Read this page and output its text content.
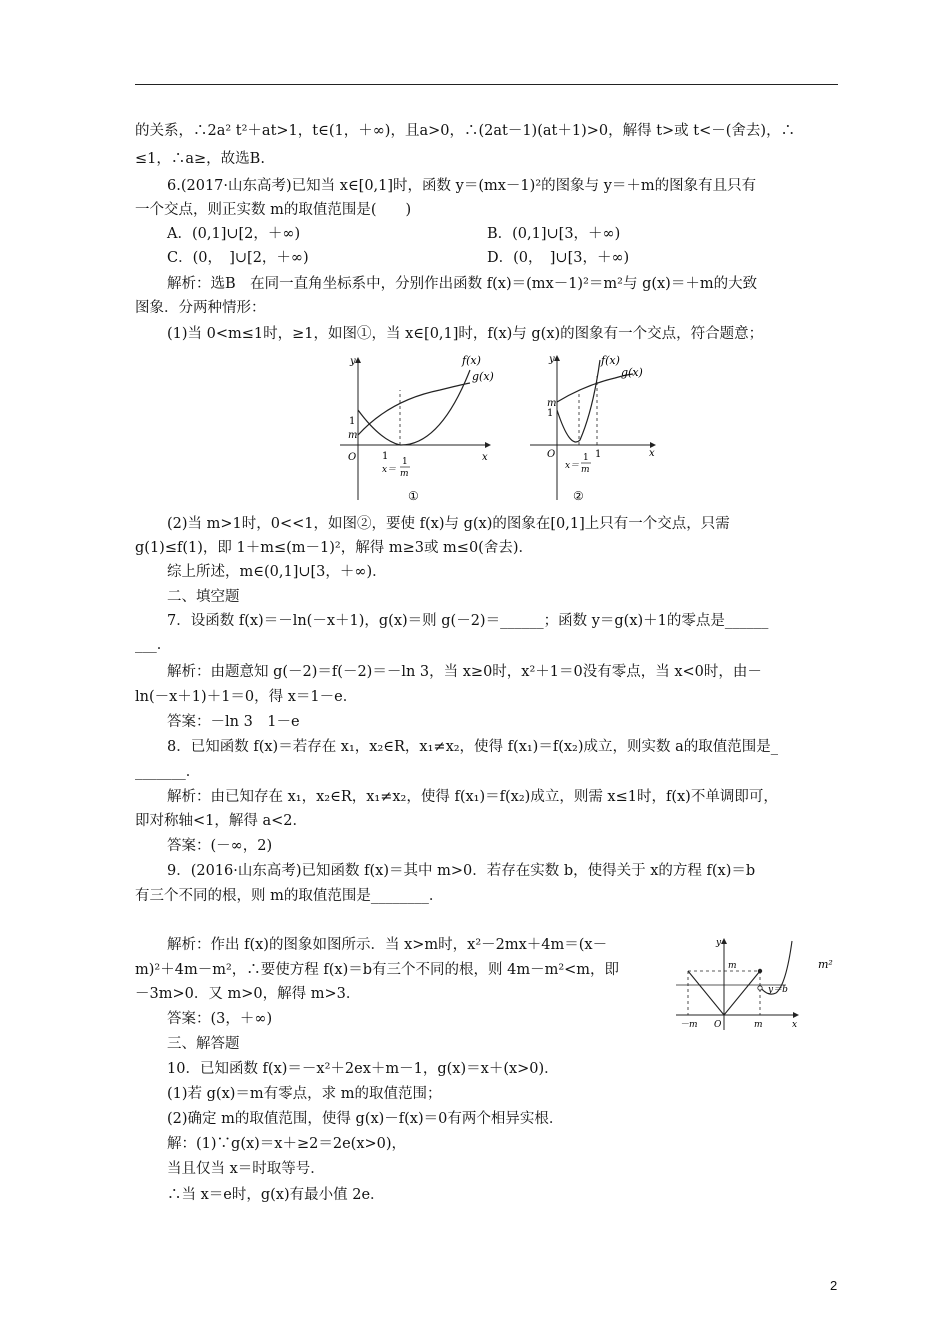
的关系，∴2a² t²＋at>1，t∈(1，＋∞)，且a>0，∴(2at－1)(at＋1)>0，解得 t>或 t<－(舍去)，∴
≤1，∴a≥，故选B.
6.(2017·山东高考)已知当 x∈[0,1]时，函数 y＝(mx－1)²的图象与 y＝＋m的图象有且只有
一个交点，则正实数 m的取值范围是(　　)
A．(0,1]∪[2，＋∞)	B．(0,1]∪[3，＋∞)
C．(0，　]∪[2，＋∞)	D．(0，　]∪[3，＋∞)
解析：选B　在同一直角坐标系中，分别作出函数 f(x)＝(mx－1)²＝m²与 g(x)＝＋m的大致
图象．分两种情形：
(1)当 0<m≤1时，≥1，如图①，当 x∈[0,1]时，f(x)与 g(x)的图象有一个交点，符合题意；
y	f(x)
g(x)
1
m
O	1	x
x＝
1
m
①
y	f(x)
g(x)
m
1
O	1	x
x＝
1
m
②
(2)当 m>1时，0<<1，如图②，要使 f(x)与 g(x)的图象在[0,1]上只有一个交点，只需
g(1)≤f(1)，即 1＋m≤(m－1)²，解得 m≥3或 m≤0(舍去)．
综上所述，m∈(0,1]∪[3，＋∞)．
二、填空题
7．设函数 f(x)＝－ln(－x＋1)，g(x)＝则 g(－2)＝______；函数 y＝g(x)＋1的零点是______
___．
解析：由题意知 g(－2)＝f(－2)＝－ln 3，当 x≥0时，x²＋1＝0没有零点，当 x<0时，由－
ln(－x＋1)＋1＝0，得 x＝1－e．
答案：－ln 3　1－e
8．已知函数 f(x)＝若存在 x₁，x₂∈R，x₁≠x₂，使得 f(x₁)＝f(x₂)成立，则实数 a的取值范围是_
_______．
解析：由已知存在 x₁，x₂∈R，x₁≠x₂，使得 f(x₁)＝f(x₂)成立，则需 x≤1时，f(x)不单调即可，
即对称轴<1，解得 a<2．
答案：(－∞，2)
9．(2016·山东高考)已知函数 f(x)＝其中 m>0．若存在实数 b，使得关于 x的方程 f(x)＝b
有三个不同的根，则 m的取值范围是________．
解析：作出 f(x)的图象如图所示．当 x>m时，x²－2mx＋4m＝(x－
m)²＋4m－m²，∴要使方程 f(x)＝b有三个不同的根，则 4m－m²<m，即
－3m>0．又 m>0，解得 m>3．
答案：(3，＋∞)
y
m
y＝b
－m O	m	x
m²
三、解答题
10．已知函数 f(x)＝－x²＋2ex＋m－1，g(x)＝x＋(x>0)．
(1)若 g(x)＝m有零点，求 m的取值范围；
(2)确定 m的取值范围，使得 g(x)－f(x)＝0有两个相异实根．
解：(1)∵g(x)＝x＋≥2＝2e(x>0)，
当且仅当 x＝时取等号．
∴当 x＝e时，g(x)有最小值 2e．
2
